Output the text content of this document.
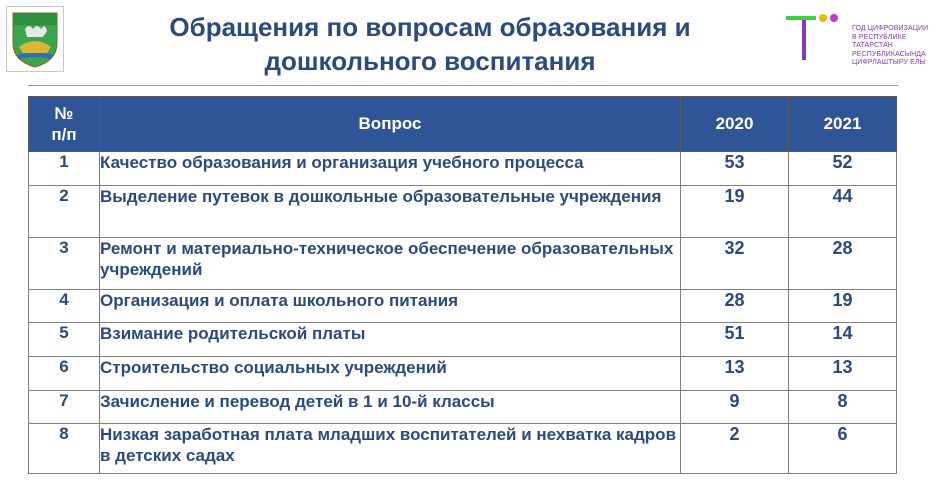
Обращения по вопросам образования и
дошкольного воспитания
ГОД ЦИФРОВИЗАЦИИ
В РЕСПУБЛИКЕ
ТАТАРСТАН
РЕСПУБЛИКАСЫНДА
ЦИФРЛАШТЫРУ ЕЛЫ
№
п/п	Вопрос	2020	2021
1	Качество образования и организация учебного процесса	53	52
2	Выделение путевок в дошкольные образовательные учреждения	19	44
3	Ремонт и материально-техническое обеспечение образовательных учреждений	32	28
4	Организация и оплата школьного питания	28	19
5	Взимание родительской платы	51	14
6	Строительство социальных учреждений	13	13
7	Зачисление и перевод детей в 1 и 10-й классы	9	8
8	Низкая заработная плата младших воспитателей и нехватка кадров в детских садах	2	6
